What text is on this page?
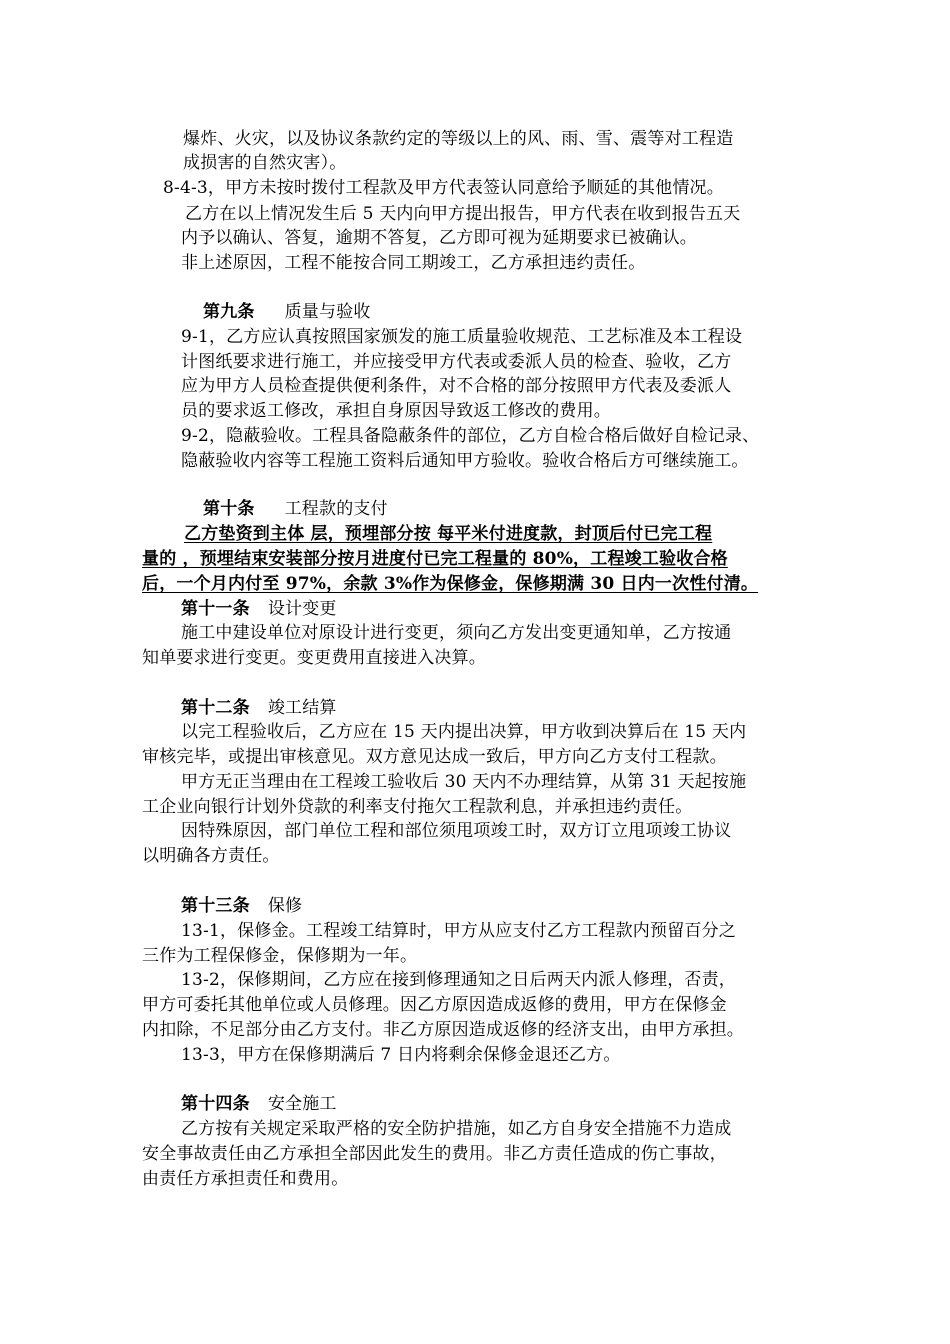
爆炸、火灾，以及协议条款约定的等级以上的风、雨、雪、震等对工程造
成损害的自然灾害）。
8-4-3，甲方未按时拨付工程款及甲方代表签认同意给予顺延的其他情况。
乙方在以上情况发生后 5 天内向甲方提出报告，甲方代表在收到报告五天
内予以确认、答复，逾期不答复，乙方即可视为延期要求已被确认。
非上述原因，工程不能按合同工期竣工，乙方承担违约责任。
第九条 质量与验收
9-1，乙方应认真按照国家颁发的施工质量验收规范、工艺标准及本工程设
计图纸要求进行施工，并应接受甲方代表或委派人员的检查、验收，乙方
应为甲方人员检查提供便利条件，对不合格的部分按照甲方代表及委派人
员的要求返工修改，承担自身原因导致返工修改的费用。
9-2，隐蔽验收。工程具备隐蔽条件的部位，乙方自检合格后做好自检记录、
隐蔽验收内容等工程施工资料后通知甲方验收。验收合格后方可继续施工。
第十条 工程款的支付
乙方垫资到主体 层，预埋部分按 每平米付进度款，封顶后付已完工程
量的 ，预埋结束安装部分按月进度付已完工程量的 80%，工程竣工验收合格
后，一个月内付至 97%，余款 3%作为保修金，保修期满 30 日内一次性付清。
第十一条 设计变更
施工中建设单位对原设计进行变更，须向乙方发出变更通知单，乙方按通
知单要求进行变更。变更费用直接进入决算。
第十二条 竣工结算
以完工程验收后，乙方应在 15 天内提出决算，甲方收到决算后在 15 天内
审核完毕，或提出审核意见。双方意见达成一致后，甲方向乙方支付工程款。
甲方无正当理由在工程竣工验收后 30 天内不办理结算，从第 31 天起按施
工企业向银行计划外贷款的利率支付拖欠工程款利息，并承担违约责任。
因特殊原因，部门单位工程和部位须甩项竣工时，双方订立甩项竣工协议
以明确各方责任。
第十三条 保修
13-1，保修金。工程竣工结算时，甲方从应支付乙方工程款内预留百分之
三作为工程保修金，保修期为一年。
13-2，保修期间，乙方应在接到修理通知之日后两天内派人修理，否责，
甲方可委托其他单位或人员修理。因乙方原因造成返修的费用，甲方在保修金
内扣除，不足部分由乙方支付。非乙方原因造成返修的经济支出，由甲方承担。
13-3，甲方在保修期满后 7 日内将剩余保修金退还乙方。
第十四条 安全施工
乙方按有关规定采取严格的安全防护措施，如乙方自身安全措施不力造成
安全事故责任由乙方承担全部因此发生的费用。非乙方责任造成的伤亡事故，
由责任方承担责任和费用。
